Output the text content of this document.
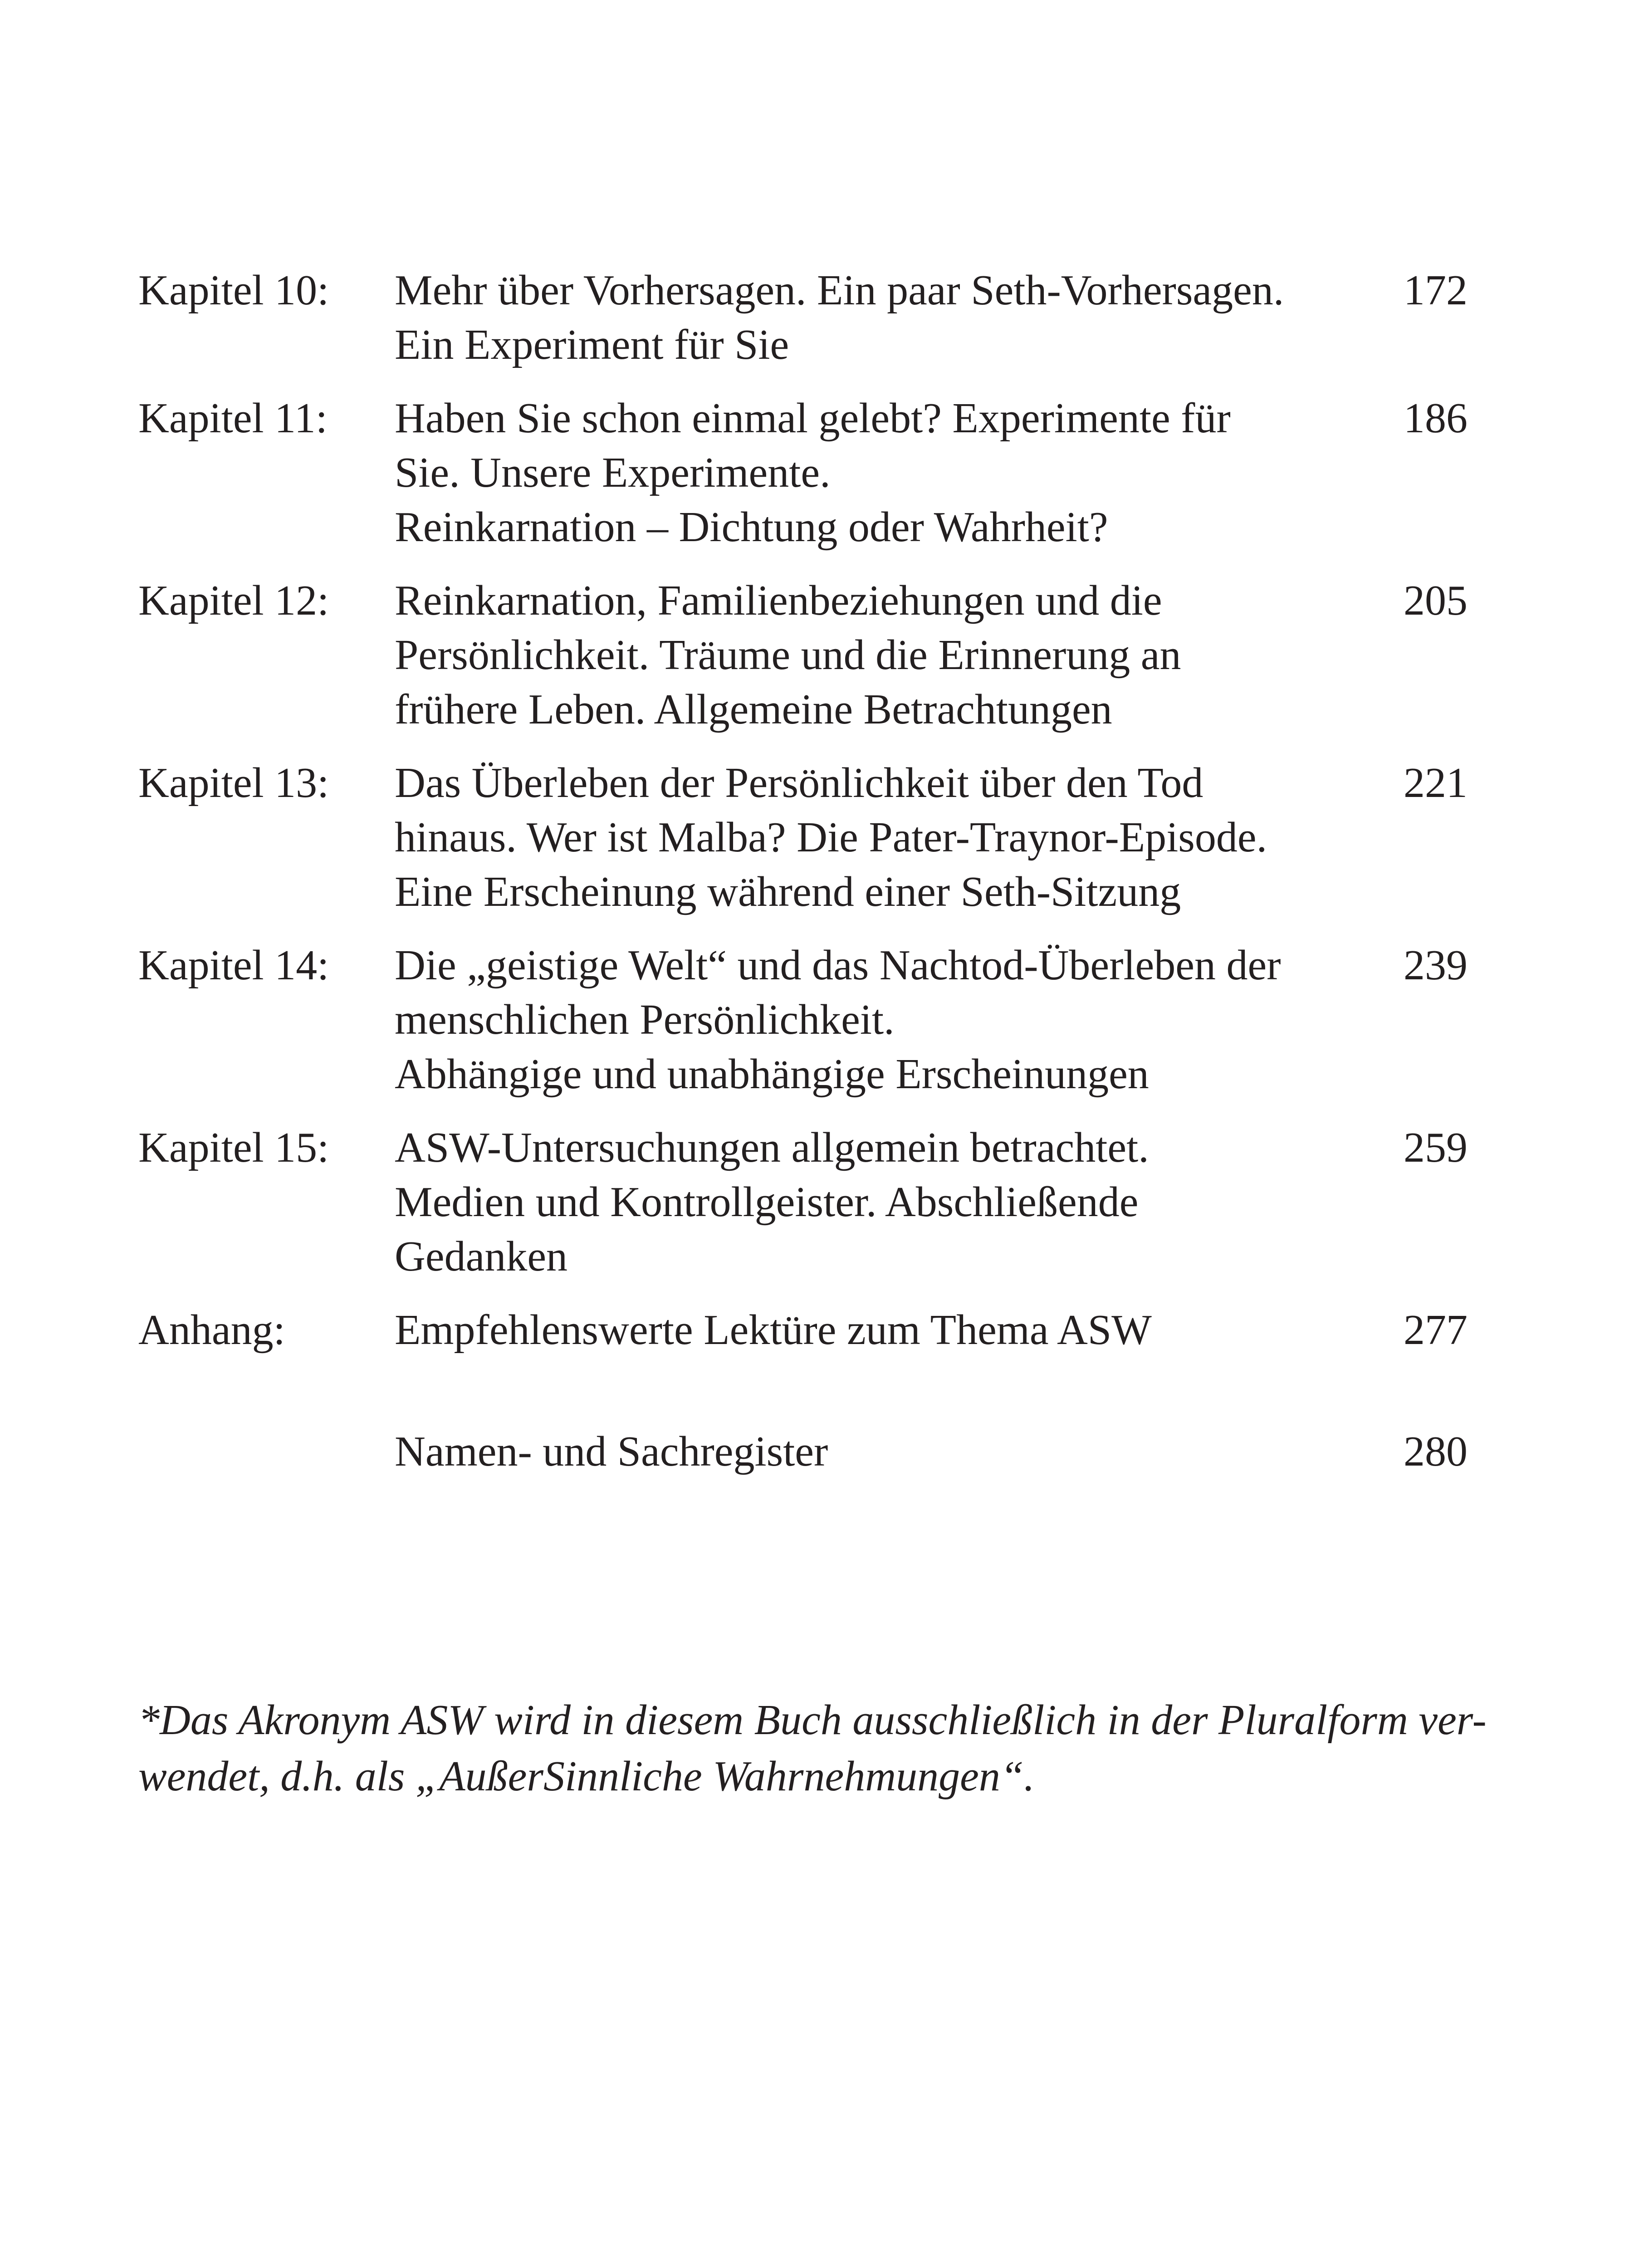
Kapitel 10: Mehr über Vorhersagen. Ein paar Seth-Vorhersagen.
Ein Experiment für Sie
172
Kapitel 11: Haben Sie schon einmal gelebt? Experimente für
Sie. Unsere Experimente.
Reinkarnation – Dichtung oder Wahrheit?
186
Kapitel 12: Reinkarnation, Familienbeziehungen und die
Persönlichkeit. Träume und die Erinnerung an
frühere Leben. Allgemeine Betrachtungen
205
Kapitel 13: Das Überleben der Persönlichkeit über den Tod
hinaus. Wer ist Malba? Die Pater-Traynor-Episode.
Eine Erscheinung während einer Seth-Sitzung
221
Kapitel 14: Die „geistige Welt“ und das Nachtod-Überleben der
menschlichen Persönlichkeit.
Abhängige und unabhängige Erscheinungen
239
Kapitel 15: ASW-Untersuchungen allgemein betrachtet.
Medien und Kontrollgeister. Abschließende
Gedanken
259
Anhang:	Empfehlenswerte Lektüre zum Thema ASW	277
Namen- und Sachregister	280
*Das Akronym ASW wird in diesem Buch ausschließlich in der Pluralform ver-
wendet, d.h. als „AußerSinnliche Wahrnehmungen“.
